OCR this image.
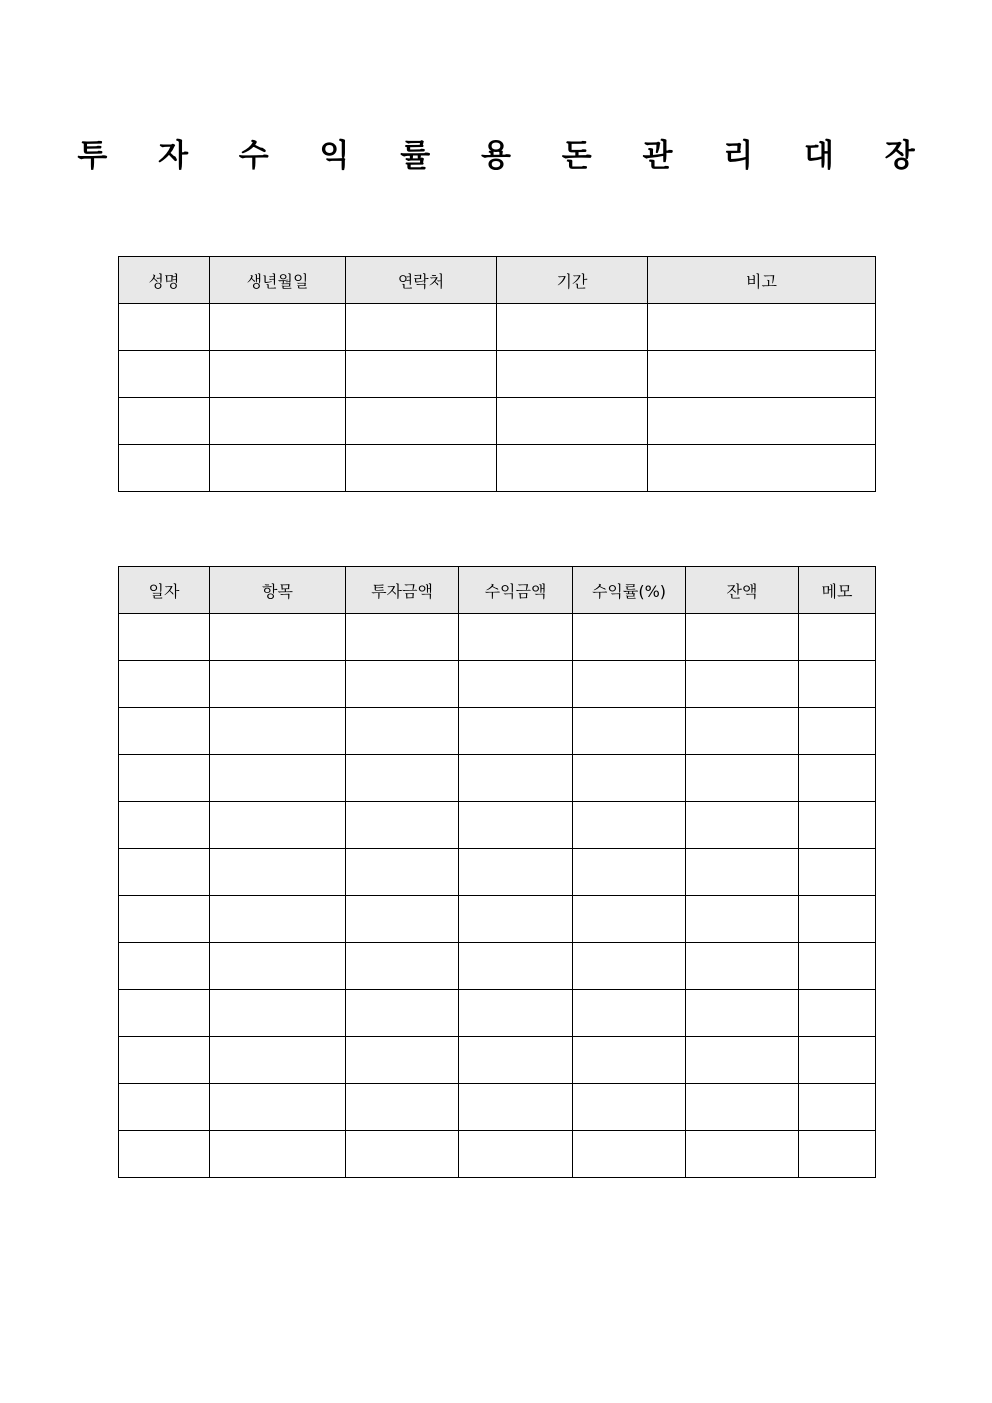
투 자 수 익 률 용 돈 관 리 대 장
성명	생년월일	연락처	기간	비고

일자	항목	투자금액	수익금액	수익률(%)	잔액	메모
